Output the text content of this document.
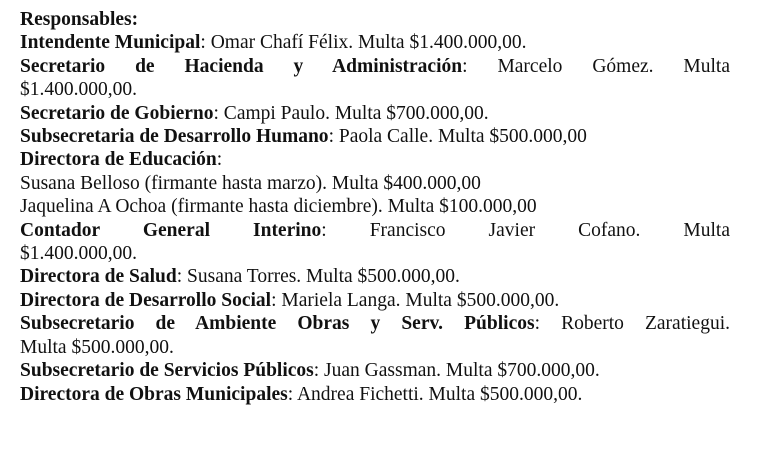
Responsables:
Intendente Municipal: Omar Chafí Félix. Multa $1.400.000,00.
Secretario de Hacienda y Administración: Marcelo Gómez. Multa
$1.400.000,00.
Secretario de Gobierno: Campi Paulo. Multa $700.000,00.
Subsecretaria de Desarrollo Humano: Paola Calle. Multa $500.000,00
Directora de Educación:
Susana Belloso (firmante hasta marzo). Multa $400.000,00
Jaquelina A Ochoa (firmante hasta diciembre). Multa $100.000,00
Contador General Interino: Francisco Javier Cofano. Multa
$1.400.000,00.
Directora de Salud: Susana Torres. Multa $500.000,00.
Directora de Desarrollo Social: Mariela Langa. Multa $500.000,00.
Subsecretario de Ambiente Obras y Serv. Públicos: Roberto Zaratiegui.
Multa $500.000,00.
Subsecretario de Servicios Públicos: Juan Gassman. Multa $700.000,00.
Directora de Obras Municipales: Andrea Fichetti. Multa $500.000,00.
